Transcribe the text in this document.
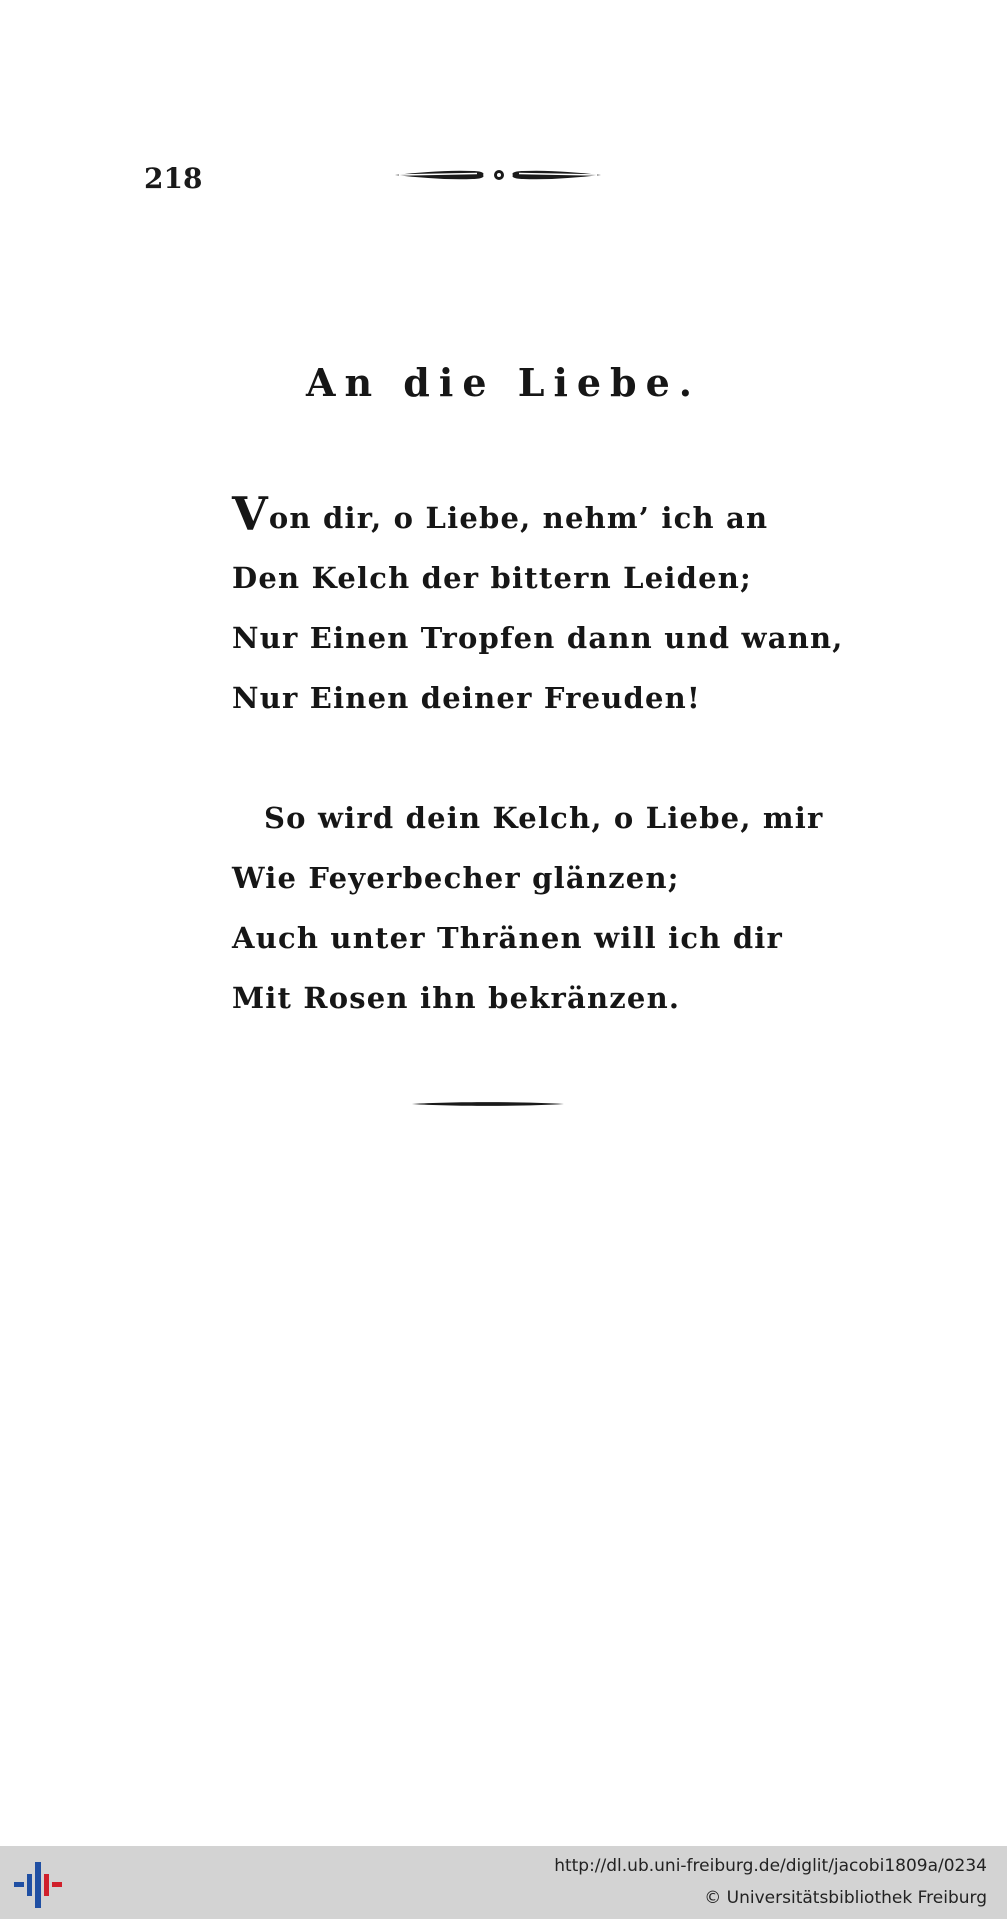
218
An die Liebe.
Von dir, o Liebe, nehm’ ich an
Den Kelch der bittern Leiden;
Nur Einen Tropfen dann und wann,
Nur Einen deiner Freuden!
So wird dein Kelch, o Liebe, mir
Wie Feyerbecher glänzen;
Auch unter Thränen will ich dir
Mit Rosen ihn bekränzen.
http://dl.ub.uni-freiburg.de/diglit/jacobi1809a/0234
© Universitätsbibliothek Freiburg
